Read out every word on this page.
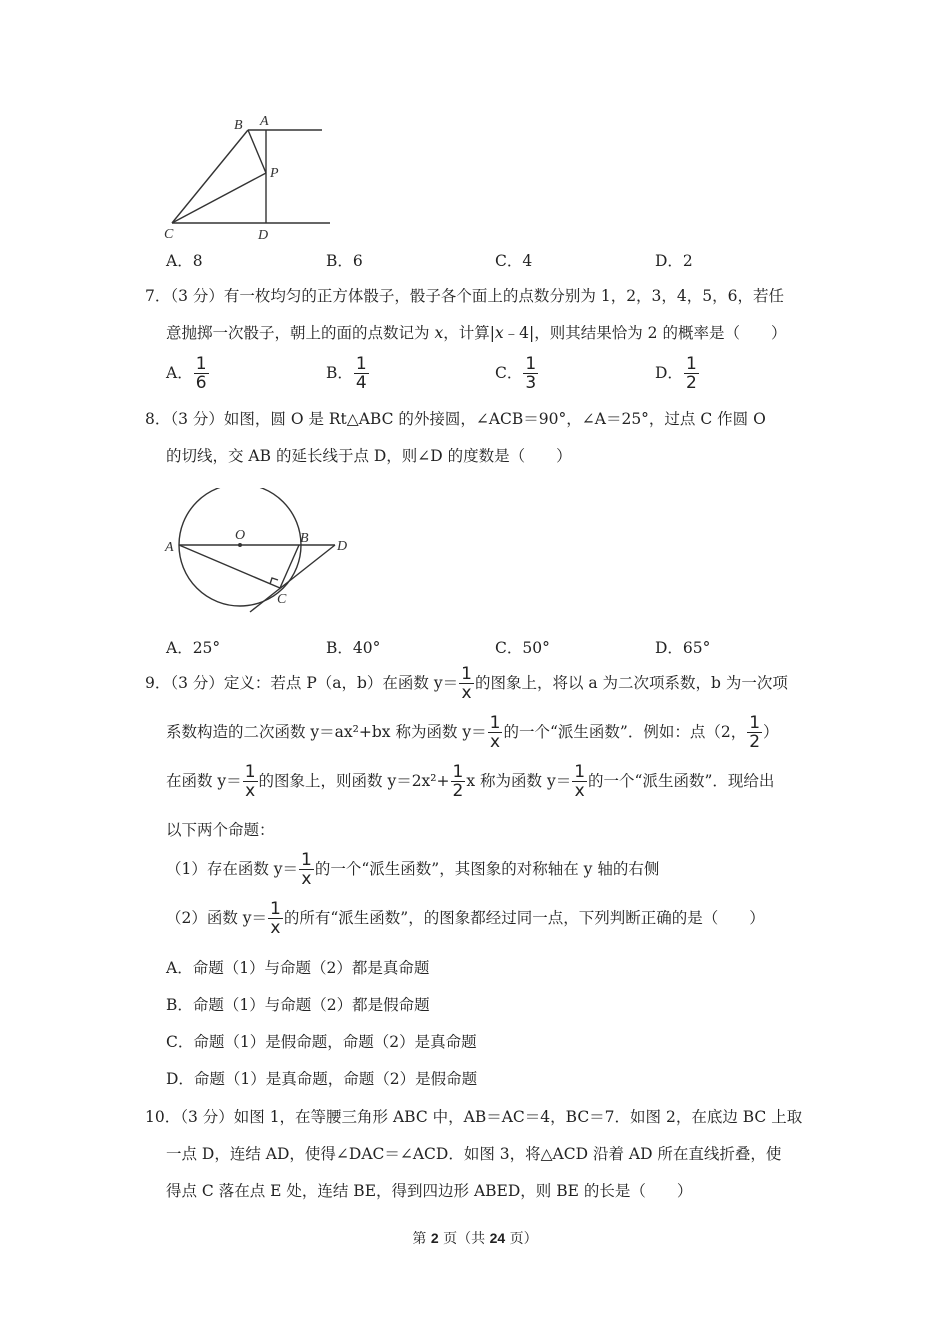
B A
P
C	D
A．8	B．6	C．4	D．2
7．（3 分）有一枚均匀的正方体骰子，骰子各个面上的点数分别为 1，2，3，4，5，6，若任
意抛掷一次骰子，朝上的面的点数记为 x，计算|x﹣4|，则其结果恰为 2 的概率是（　　）
A． $\frac{1}{6}$	B． $\frac{1}{4}$	C． $\frac{1}{3}$	D． $\frac{1}{2}$
8．（3 分）如图，圆 O 是 Rt△ABC 的外接圆，∠ACB＝90°，∠A＝25°，过点 C 作圆 O
的切线，交 AB 的延长线于点 D，则∠D 的度数是（　　）
A
O	B
D
C
A．25°	B．40°	C．50°	D．65°
9．（3 分）定义：若点 P（a，b）在函数 $y= \frac{1}{x}$ 的图象上，将以 a 为二次项系数，b 为一次项
系数构造的二次函数 y＝ax²+bx 称为函数 $y= \frac{1}{x}$ 的一个“派生函数”．例如：点（2， $\frac{1}{2}$ ）
在函数 $y= \frac{1}{x}$ 的图象上，则函数 $y=2x^2+ \frac{1}{2}$ x 称为函数 $y= \frac{1}{x}$ 的一个“派生函数”．现给出
以下两个命题：
（1）存在函数 $y= \frac{1}{x}$ 的一个“派生函数”，其图象的对称轴在 y 轴的右侧
（2）函数 $y= \frac{1}{x}$ 的所有“派生函数”，的图象都经过同一点，下列判断正确的是（　　）
A．命题（1）与命题（2）都是真命题
B．命题（1）与命题（2）都是假命题
C．命题（1）是假命题，命题（2）是真命题
D．命题（1）是真命题，命题（2）是假命题
10．（3 分）如图 1，在等腰三角形 ABC 中，AB＝AC＝4，BC＝7．如图 2，在底边 BC 上取
一点 D，连结 AD，使得∠DAC＝∠ACD．如图 3，将△ACD 沿着 AD 所在直线折叠，使
得点 C 落在点 E 处，连结 BE，得到四边形 ABED，则 BE 的长是（　　）
第 2 页（共 24 页）
